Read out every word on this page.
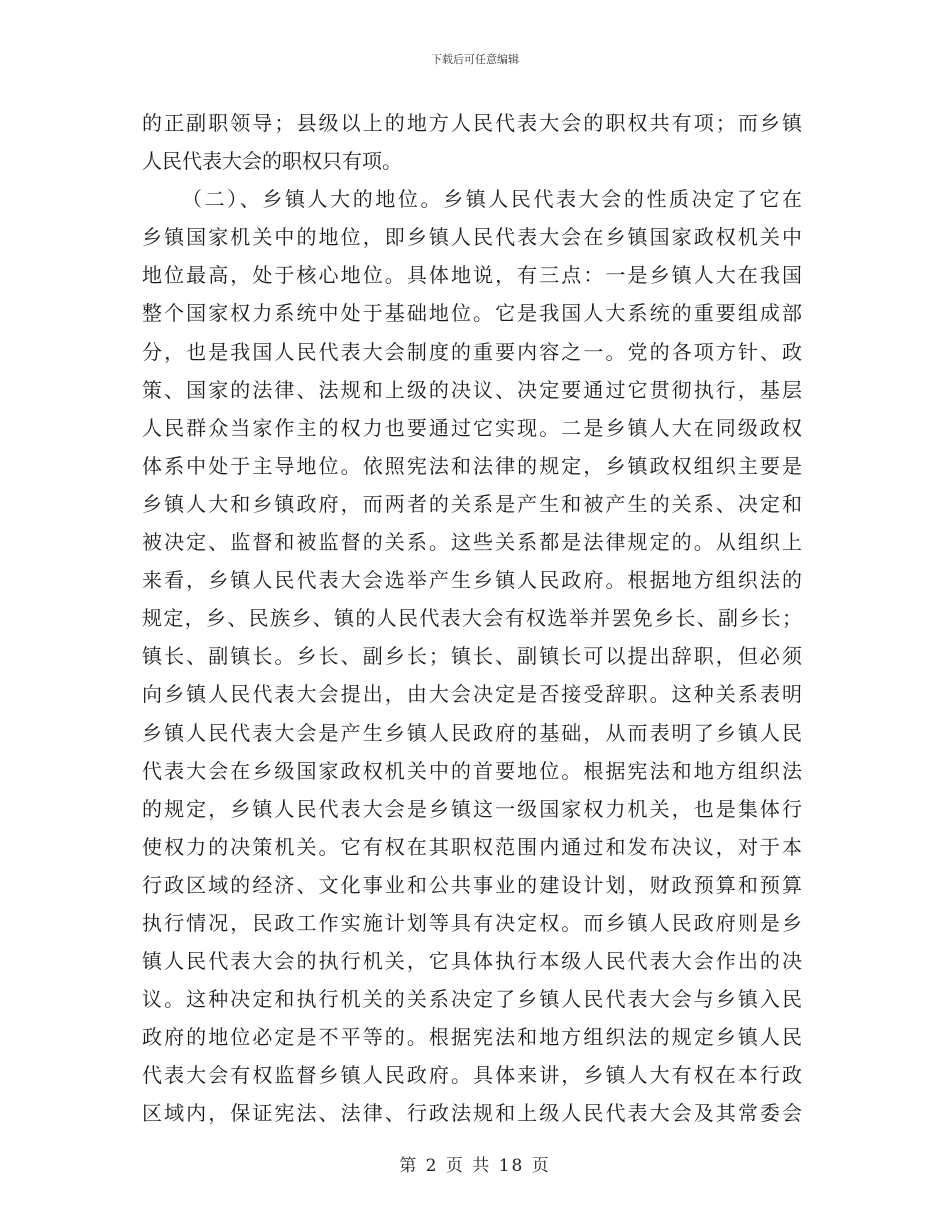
下载后可任意编辑
的正副职领导；县级以上的地方人民代表大会的职权共有项；而乡镇
人民代表大会的职权只有项。
（二）、乡镇人大的地位。乡镇人民代表大会的性质决定了它在
乡镇国家机关中的地位，即乡镇人民代表大会在乡镇国家政权机关中
地位最高，处于核心地位。具体地说，有三点：一是乡镇人大在我国
整个国家权力系统中处于基础地位。它是我国人大系统的重要组成部
分，也是我国人民代表大会制度的重要内容之一。党的各项方针、政
策、国家的法律、法规和上级的决议、决定要通过它贯彻执行，基层
人民群众当家作主的权力也要通过它实现。二是乡镇人大在同级政权
体系中处于主导地位。依照宪法和法律的规定，乡镇政权组织主要是
乡镇人大和乡镇政府，而两者的关系是产生和被产生的关系、决定和
被决定、监督和被监督的关系。这些关系都是法律规定的。从组织上
来看，乡镇人民代表大会选举产生乡镇人民政府。根据地方组织法的
规定，乡、民族乡、镇的人民代表大会有权选举并罢免乡长、副乡长；
镇长、副镇长。乡长、副乡长；镇长、副镇长可以提出辞职，但必须
向乡镇人民代表大会提出，由大会决定是否接受辞职。这种关系表明
乡镇人民代表大会是产生乡镇人民政府的基础，从而表明了乡镇人民
代表大会在乡级国家政权机关中的首要地位。根据宪法和地方组织法
的规定，乡镇人民代表大会是乡镇这一级国家权力机关，也是集体行
使权力的决策机关。它有权在其职权范围内通过和发布决议，对于本
行政区域的经济、文化事业和公共事业的建设计划，财政预算和预算
执行情况，民政工作实施计划等具有决定权。而乡镇人民政府则是乡
镇人民代表大会的执行机关，它具体执行本级人民代表大会作出的决
议。这种决定和执行机关的关系决定了乡镇人民代表大会与乡镇入民
政府的地位必定是不平等的。根据宪法和地方组织法的规定乡镇人民
代表大会有权监督乡镇人民政府。具体来讲，乡镇人大有权在本行政
区域内，保证宪法、法律、行政法规和上级人民代表大会及其常委会
第 2 页 共 18 页
